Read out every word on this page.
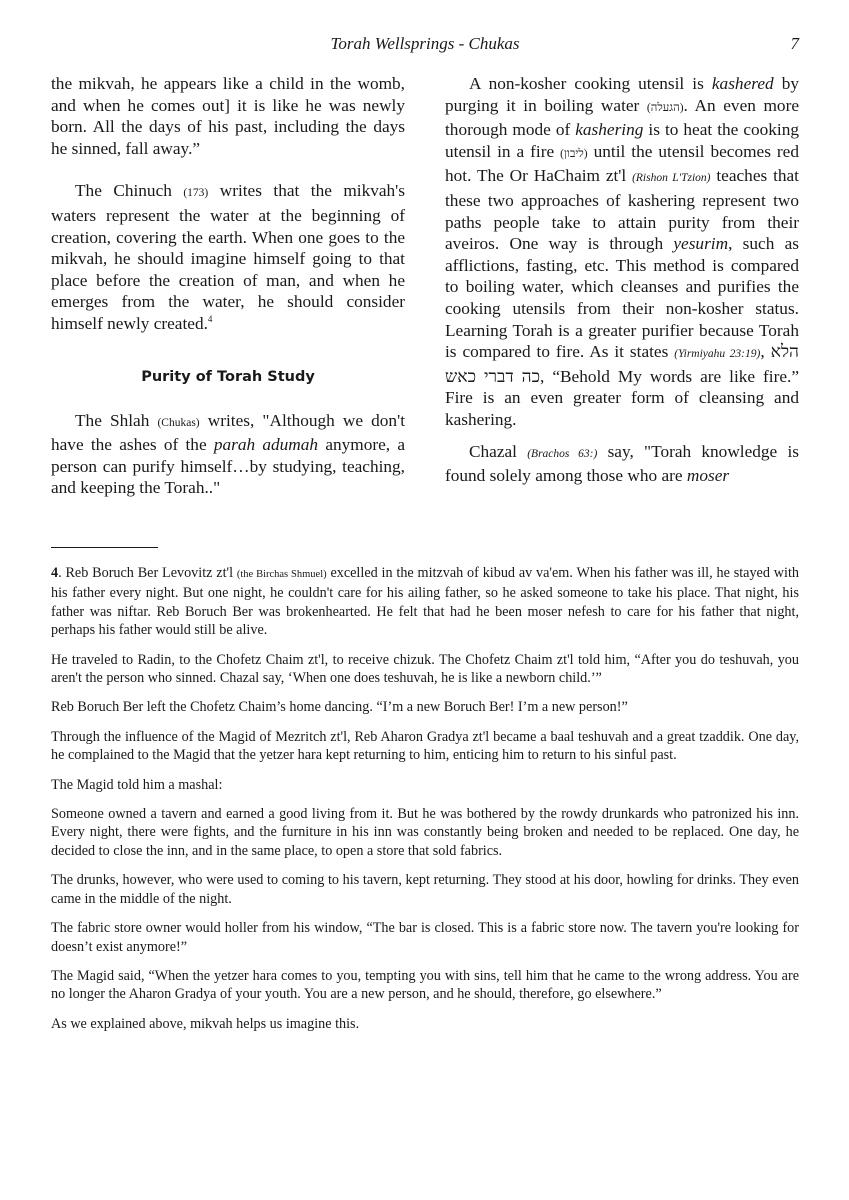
Torah Wellsprings - Chukas	7

the mikvah, he appears like a child in the womb, and when he comes out] it is like he was newly born. All the days of his past, including the days he sinned, fall away.”

The Chinuch (173) writes that the mikvah's waters represent the water at the beginning of creation, covering the earth. When one goes to the mikvah, he should imagine himself going to that place before the creation of man, and when he emerges from the water, he should consider himself newly created.$^4$

Purity of Torah Study

The Shlah (Chukas) writes, "Although we don't have the ashes of the parah adumah anymore, a person can purify himself…by studying, teaching, and keeping the Torah.."

A non-kosher cooking utensil is kashered by purging it in boiling water (הגעלה). An even more thorough mode of kashering is to heat the cooking utensil in a fire (ליבון) until the utensil becomes red hot. The Or HaChaim zt'l (Rishon L'Tzion) teaches that these two approaches of kashering represent two paths people take to attain purity from their aveiros. One way is through yesurim, such as afflictions, fasting, etc. This method is compared to boiling water, which cleanses and purifies the cooking utensils from their non-kosher status. Learning Torah is a greater purifier because Torah is compared to fire. As it states (Yirmiyahu 23:19), הלא כה דברי כאש, “Behold My words are like fire.” Fire is an even greater form of cleansing and kashering.

Chazal (Brachos 63:) say, "Torah knowledge is found solely among those who are moser

4. Reb Boruch Ber Levovitz zt'l (the Birchas Shmuel) excelled in the mitzvah of kibud av va'em. When his father was ill, he stayed with his father every night. But one night, he couldn't care for his ailing father, so he asked someone to take his place. That night, his father was niftar. Reb Boruch Ber was brokenhearted. He felt that had he been moser nefesh to care for his father that night, perhaps his father would still be alive.

He traveled to Radin, to the Chofetz Chaim zt'l, to receive chizuk. The Chofetz Chaim zt'l told him, “After you do teshuvah, you aren't the person who sinned. Chazal say, ‘When one does teshuvah, he is like a newborn child.’”

Reb Boruch Ber left the Chofetz Chaim’s home dancing. “I’m a new Boruch Ber! I’m a new person!”

Through the influence of the Magid of Mezritch zt'l, Reb Aharon Gradya zt'l became a baal teshuvah and a great tzaddik. One day, he complained to the Magid that the yetzer hara kept returning to him, enticing him to return to his sinful past.

The Magid told him a mashal:

Someone owned a tavern and earned a good living from it. But he was bothered by the rowdy drunkards who patronized his inn. Every night, there were fights, and the furniture in his inn was constantly being broken and needed to be replaced. One day, he decided to close the inn, and in the same place, to open a store that sold fabrics.

The drunks, however, who were used to coming to his tavern, kept returning. They stood at his door, howling for drinks. They even came in the middle of the night.

The fabric store owner would holler from his window, “The bar is closed. This is a fabric store now. The tavern you're looking for doesn’t exist anymore!”

The Magid said, “When the yetzer hara comes to you, tempting you with sins, tell him that he came to the wrong address. You are no longer the Aharon Gradya of your youth. You are a new person, and he should, therefore, go elsewhere.”

As we explained above, mikvah helps us imagine this.
